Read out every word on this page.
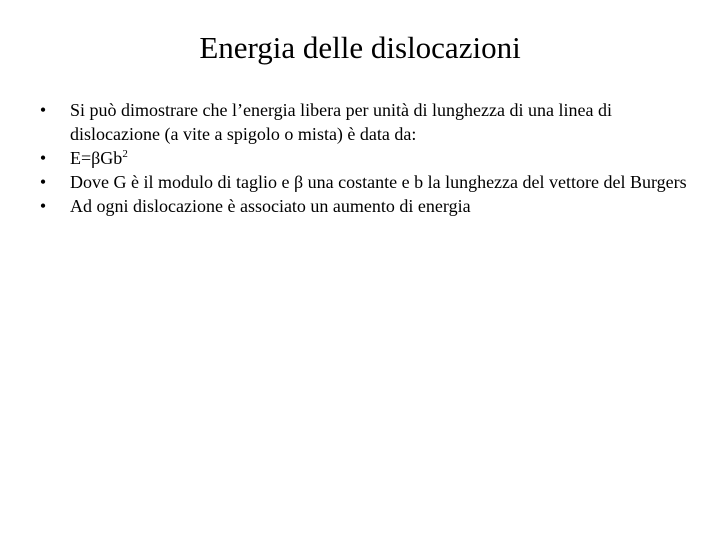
Energia delle dislocazioni
• Si può dimostrare che l’energia libera per unità di lunghezza di una linea di dislocazione (a vite a spigolo o mista) è data da:
• E=βGb$^2$
• Dove G è il modulo di taglio e β una costante e b la lunghezza del vettore del Burgers
• Ad ogni dislocazione è associato un aumento di energia
